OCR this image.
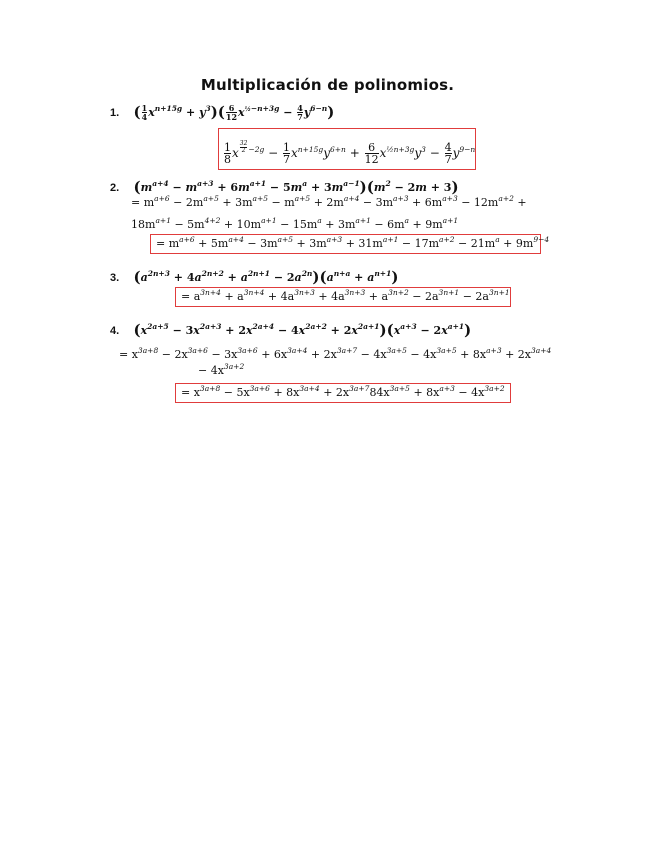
Multiplicación de polinomios.
1. ( $\frac{1}{4} x^{n+15g} + y^3)( \frac{6}{12} x^{\frac{1}{2}-n+3g} - \frac{4}{7} y^{6-n})$
$\frac{1}{8}$ x $^{\frac{32}{2} -2g} - \frac{1}{7} x^{n+15g}y^{6+n} + \frac{6}{12} x^{\frac{1}{2}n+3g}y^3 - \frac{4}{7} y^{9-n}$
2. $(m^{a+4} - m^{a+3} + 6m^{a+1} - 5m^a + 3m^{a-1})(m^2 - 2m + 3)$
= $m^{a+6} - 2m^{a+5} + 3m^{a+5} - m^{a+5} + 2m^{a+4} - 3m^{a+3} + 6m^{a+3} - 12m^{a+2}$ +
$18m^{a+1} - 5m^{4+2} + 10m^{a+1} - 15m^a + 3m^{a+1} - 6m^a + 9m^{a+1}$
= $m^{a+6} + 5m^{a+4} - 3m^{a+5} + 3m^{a+3} + 31m^{a+1} - 17m^{a+2} - 21m^a + 9m^{9-4}$
3. $(a^{2n+3} + 4a^{2n+2} + a^{2n+1} - 2a^{2n})(a^{n+a} + a^{n+1})$
= $a^{3n+4} + a^{3n+4} + 4a^{3n+3} + 4a^{3n+3} + a^{3n+2} - 2a^{3n+1} - 2a^{3n+1}$
4. $(x^{2a+5} - 3x^{2a+3} + 2x^{2a+4} - 4x^{2a+2} + 2x^{2a+1})(x^{a+3} - 2x^{a+1})$
= $x^{3a+8} - 2x^{3a+6} - 3x^{3a+6} + 6x^{3a+4} + 2x^{3a+7} - 4x^{3a+5} - 4x^{3a+5} + 8x^{a+3} + 2x^{3a+4}$
− $4x^{3a+2}$
= $x^{3a+8} - 5x^{3a+6} + 8x^{3a+4} + 2x^{3a+7}84x^{3a+5} + 8x^{a+3} - 4x^{3a+2}$
